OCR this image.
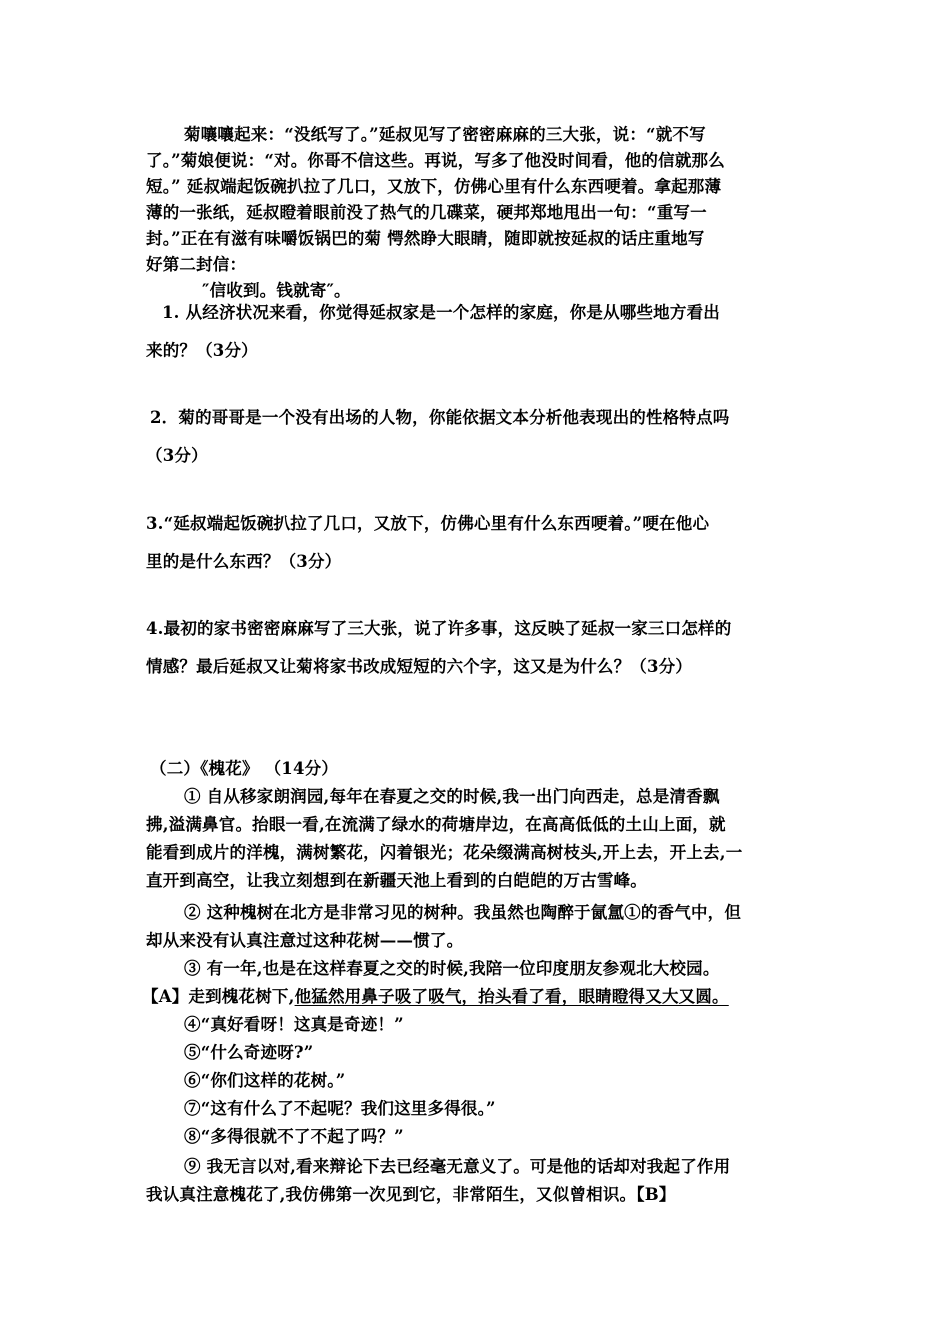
菊嚷嚷起来：“没纸写了。”延叔见写了密密麻麻的三大张，说：“就不写
了。”菊娘便说：“对。你哥不信这些。再说，写多了他没时间看，他的信就那么
短。” 延叔端起饭碗扒拉了几口，又放下，仿佛心里有什么东西哽着。拿起那薄
薄的一张纸，延叔瞪着眼前没了热气的几碟菜，硬邦郑地甩出一句：“重写一
封。”正在有滋有味嚼饭锅巴的菊 愕然睁大眼睛，随即就按延叔的话庄重地写
好第二封信：
″信收到。钱就寄″。
1. 从经济状况来看，你觉得延叔家是一个怎样的家庭，你是从哪些地方看出
来的？（3分）
2．菊的哥哥是一个没有出场的人物，你能依据文本分析他表现出的性格特点吗
（3分）
3.“延叔端起饭碗扒拉了几口，又放下，仿佛心里有什么东西哽着。”哽在他心
里的是什么东西？（3分）
4.最初的家书密密麻麻写了三大张，说了许多事，这反映了延叔一家三口怎样的
情感？最后延叔又让菊将家书改成短短的六个字，这又是为什么？（3分）
（二）《槐花》 （14分）
① 自从移家朗润园,每年在春夏之交的时候,我一出门向西走，总是清香飘
拂,溢满鼻官。抬眼一看,在流满了绿水的荷塘岸边，在高高低低的土山上面，就
能看到成片的洋槐，满树繁花，闪着银光；花朵缀满高树枝头,开上去，开上去,一
直开到高空，让我立刻想到在新疆天池上看到的白皑皑的万古雪峰。
② 这种槐树在北方是非常习见的树种。我虽然也陶醉于氤氲①的香气中，但
却从来没有认真注意过这种花树——惯了。
③ 有一年,也是在这样春夏之交的时候,我陪一位印度朋友参观北大校园。
【A】走到槐花树下,他猛然用鼻子吸了吸气，抬头看了看，眼睛瞪得又大又圆。
④“真好看呀！这真是奇迹！”
⑤“什么奇迹呀?”
⑥“你们这样的花树。”
⑦“这有什么了不起呢？我们这里多得很。”
⑧“多得很就不了不起了吗？”
⑨ 我无言以对,看来辩论下去已经毫无意义了。可是他的话却对我起了作用
我认真注意槐花了,我仿佛第一次见到它，非常陌生，又似曾相识。【B】
